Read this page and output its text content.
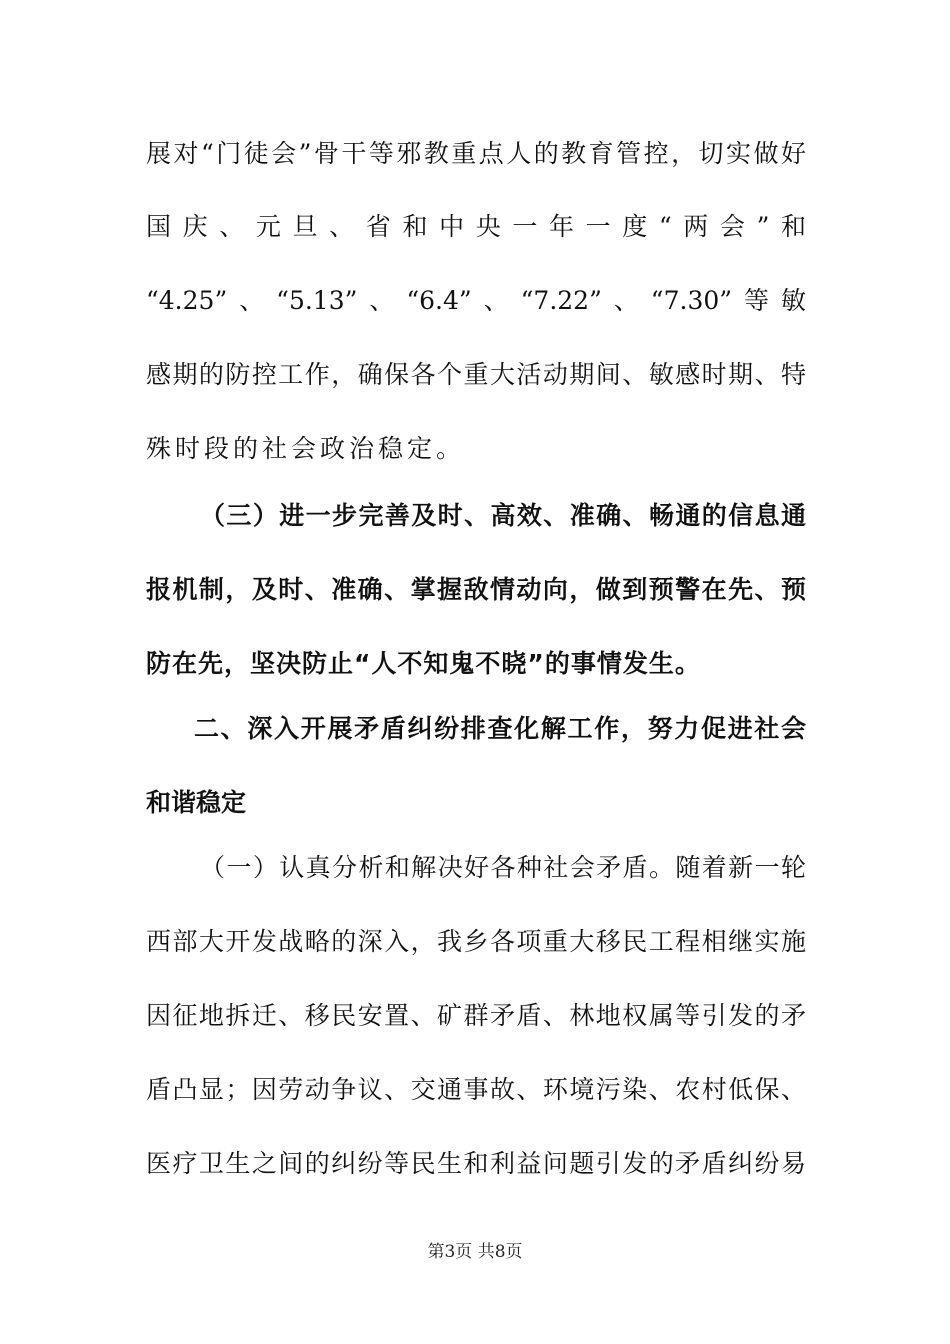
展对“门徒会”骨干等邪教重点人的教育管控，切实做好
国庆、元旦、省和中央一年一度“两会”和
“4.25”、“5.13”、“6.4”、“7.22”、“7.30”等敏
感期的防控工作，确保各个重大活动期间、敏感时期、特
殊时段的社会政治稳定。
（三）进一步完善及时、高效、准确、畅通的信息通
报机制，及时、准确、掌握敌情动向，做到预警在先、预
防在先，坚决防止“人不知鬼不晓”的事情发生。
二、深入开展矛盾纠纷排查化解工作，努力促进社会
和谐稳定
（一）认真分析和解决好各种社会矛盾。随着新一轮
西部大开发战略的深入，我乡各项重大移民工程相继实施
因征地拆迁、移民安置、矿群矛盾、林地权属等引发的矛
盾凸显；因劳动争议、交通事故、环境污染、农村低保、
医疗卫生之间的纠纷等民生和利益问题引发的矛盾纠纷易
第3页 共8页
